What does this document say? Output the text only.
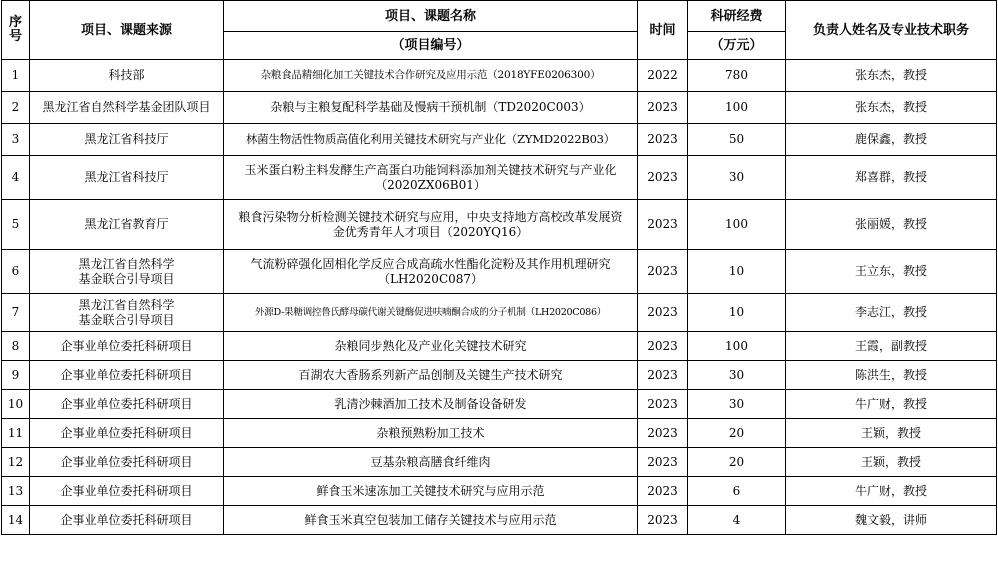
序号	项目、课题来源	项目、课题名称	时间	科研经费	负责人姓名及专业技术职务
		（项目编号）		（万元）	
1	科技部	杂粮食品精细化加工关键技术合作研究及应用示范（2018YFE0206300）	2022	780	张东杰，教授
2	黑龙江省自然科学基金团队项目	杂粮与主粮复配科学基础及慢病干预机制（TD2020C003）	2023	100	张东杰，教授
3	黑龙江省科技厅	林菌生物活性物质高值化利用关键技术研究与产业化（ZYMD2022B03）	2023	50	鹿保鑫，教授
4	黑龙江省科技厅	玉米蛋白粉主料发酵生产高蛋白功能饲料添加剂关键技术研究与产业化（2020ZX06B01）	2023	30	郑喜群，教授
5	黑龙江省教育厅	粮食污染物分析检测关键技术研究与应用，中央支持地方高校改革发展资金优秀青年人才项目（2020YQ16）	2023	100	张丽媛，教授
6	黑龙江省自然科学基金联合引导项目	气流粉碎强化固相化学反应合成高疏水性酯化淀粉及其作用机理研究（LH2020C087）	2023	10	王立东，教授
7	黑龙江省自然科学基金联合引导项目	外源D-果糖调控鲁氏酵母碳代谢关键酶促进呋喃酮合成的分子机制（LH2020C086）	2023	10	李志江，教授
8	企事业单位委托科研项目	杂粮同步熟化及产业化关键技术研究	2023	100	王霞，副教授
9	企事业单位委托科研项目	百湖农大香肠系列新产品创制及关键生产技术研究	2023	30	陈洪生，教授
10	企事业单位委托科研项目	乳清沙棘酒加工技术及制备设备研发	2023	30	牛广财，教授
11	企事业单位委托科研项目	杂粮预熟粉加工技术	2023	20	王颖，教授
12	企事业单位委托科研项目	豆基杂粮高膳食纤维肉	2023	20	王颖，教授
13	企事业单位委托科研项目	鲜食玉米速冻加工关键技术研究与应用示范	2023	6	牛广财，教授
14	企事业单位委托科研项目	鲜食玉米真空包装加工储存关键技术与应用示范	2023	4	魏文毅，讲师
